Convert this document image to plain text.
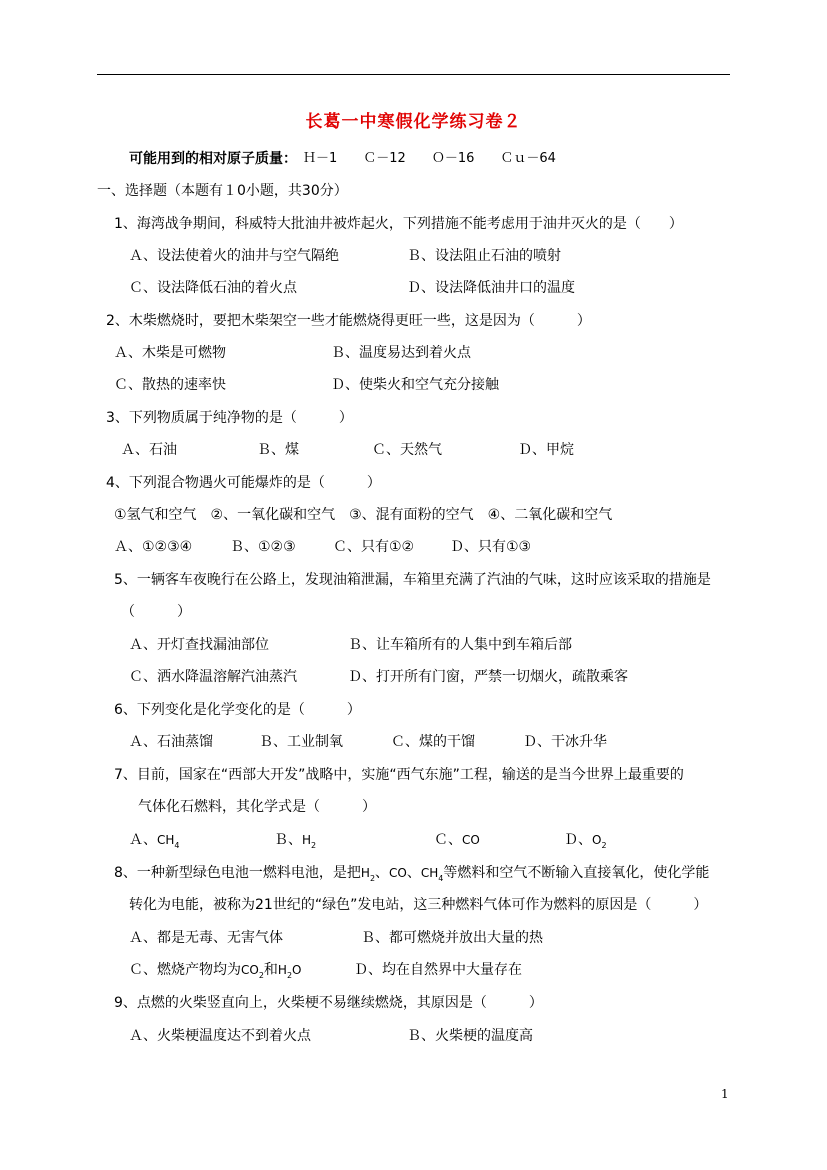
长葛一中寒假化学练习卷２
可能用到的相对原子质量： Ｈ－1　　Ｃ－12　　Ｏ－16　　Ｃｕ－64
一、选择题（本题有１0小题，共30分）
1、海湾战争期间，科威特大批油井被炸起火，下列措施不能考虑用于油井灭火的是（　　）
Ａ、设法使着火的油井与空气隔绝	Ｂ、设法阻止石油的喷射
Ｃ、设法降低石油的着火点	Ｄ、设法降低油井口的温度
2、木柴燃烧时，要把木柴架空一些才能燃烧得更旺一些，这是因为（　　　）
Ａ、木柴是可燃物	Ｂ、温度易达到着火点
Ｃ、散热的速率快	Ｄ、使柴火和空气充分接触
3、下列物质属于纯净物的是（　　　）
Ａ、石油	Ｂ、煤	Ｃ、天然气	Ｄ、甲烷
4、下列混合物遇火可能爆炸的是（　　　）
①氢气和空气　②、一氧化碳和空气　③、混有面粉的空气　④、二氧化碳和空气
Ａ、①②③④	Ｂ、①②③	Ｃ、只有①②	Ｄ、只有①③
5、一辆客车夜晚行在公路上，发现油箱泄漏，车箱里充满了汽油的气味，这时应该采取的措施是
（　　　）
Ａ、开灯查找漏油部位	Ｂ、让车箱所有的人集中到车箱后部
Ｃ、洒水降温溶解汽油蒸汽	Ｄ、打开所有门窗，严禁一切烟火，疏散乘客
6、下列变化是化学变化的是（　　　）
Ａ、石油蒸馏	Ｂ、工业制氧	Ｃ、煤的干馏	Ｄ、干冰升华
7、目前，国家在“西部大开发”战略中，实施“西气东施”工程，输送的是当今世界上最重要的
气体化石燃料，其化学式是（　　　）
Ａ、$CH_4$	Ｂ、$H_2$	Ｃ、CO	Ｄ、$O_2$
8、一种新型绿色电池一燃料电池，是把$H_2$、CO、$CH_4$等燃料和空气不断输入直接氧化，使化学能
转化为电能，被称为21世纪的“绿色”发电站，这三种燃料气体可作为燃料的原因是（　　　）
Ａ、都是无毒、无害气体	Ｂ、都可燃烧并放出大量的热
Ｃ、燃烧产物均为$CO_2$和$H_2O$	Ｄ、均在自然界中大量存在
9、点燃的火柴竖直向上，火柴梗不易继续燃烧，其原因是（　　　）
Ａ、火柴梗温度达不到着火点	Ｂ、火柴梗的温度高
1
